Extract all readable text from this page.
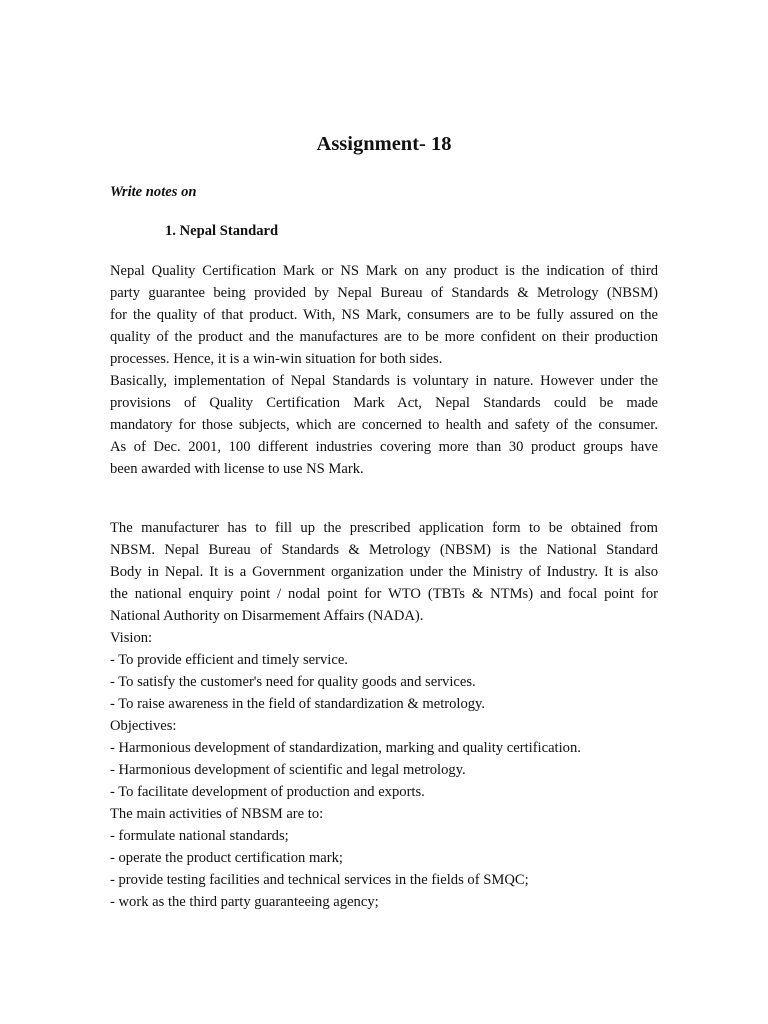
Assignment- 18
Write notes on
1. Nepal Standard
Nepal Quality Certification Mark or NS Mark on any product is the indication of third
party guarantee being provided by Nepal Bureau of Standards & Metrology (NBSM)
for the quality of that product. With, NS Mark, consumers are to be fully assured on the
quality of the product and the manufactures are to be more confident on their production
processes. Hence, it is a win-win situation for both sides.
Basically, implementation of Nepal Standards is voluntary in nature. However under the
provisions of Quality Certification Mark Act, Nepal Standards could be made
mandatory for those subjects, which are concerned to health and safety of the consumer.
As of Dec. 2001, 100 different industries covering more than 30 product groups have
been awarded with license to use NS Mark.
The manufacturer has to fill up the prescribed application form to be obtained from
NBSM. Nepal Bureau of Standards & Metrology (NBSM) is the National Standard
Body in Nepal. It is a Government organization under the Ministry of Industry. It is also
the national enquiry point / nodal point for WTO (TBTs & NTMs) and focal point for
National Authority on Disarmement Affairs (NADA).
Vision:
- To provide efficient and timely service.
- To satisfy the customer's need for quality goods and services.
- To raise awareness in the field of standardization & metrology.
Objectives:
- Harmonious development of standardization, marking and quality certification.
- Harmonious development of scientific and legal metrology.
- To facilitate development of production and exports.
The main activities of NBSM are to:
- formulate national standards;
- operate the product certification mark;
- provide testing facilities and technical services in the fields of SMQC;
- work as the third party guaranteeing agency;
